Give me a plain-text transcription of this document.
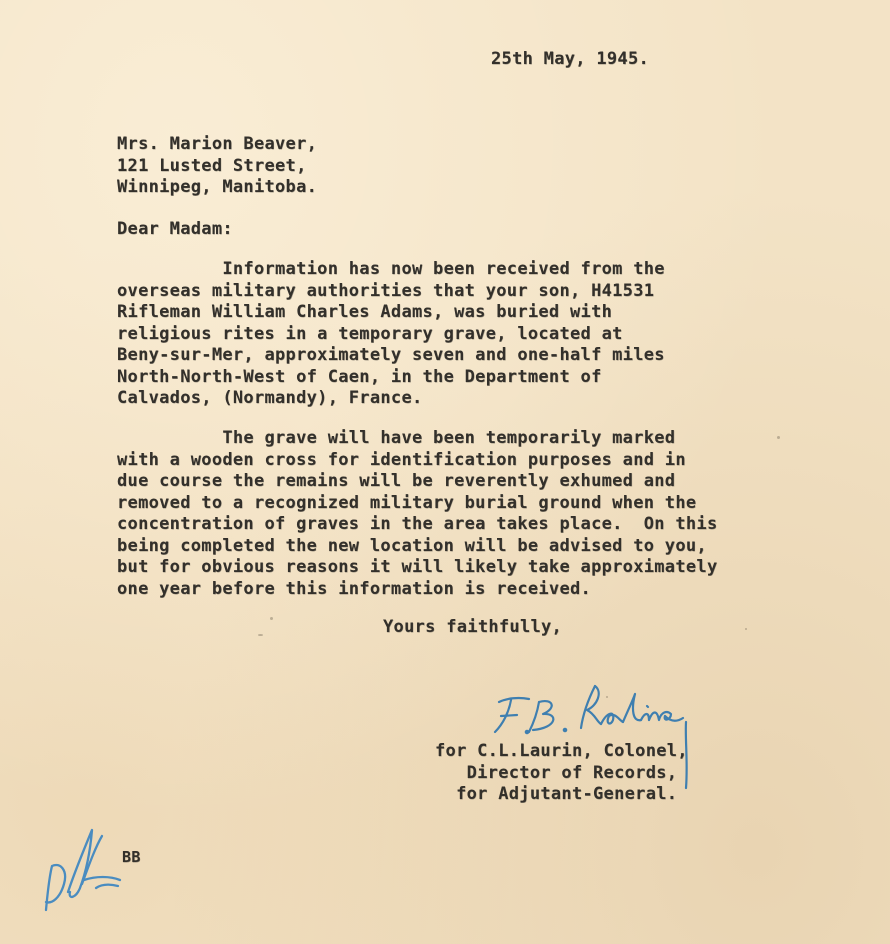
25th May, 1945.
Mrs. Marion Beaver,
121 Lusted Street,
Winnipeg, Manitoba.
Dear Madam:
Information has now been received from the
overseas military authorities that your son, H41531
Rifleman William Charles Adams, was buried with
religious rites in a temporary grave, located at
Beny-sur-Mer, approximately seven and one-half miles
North-North-West of Caen, in the Department of
Calvados, (Normandy), France.
The grave will have been temporarily marked
with a wooden cross for identification purposes and in
due course the remains will be reverently exhumed and
removed to a recognized military burial ground when the
concentration of graves in the area takes place.  On this
being completed the new location will be advised to you,
but for obvious reasons it will likely take approximately
one year before this information is received.
Yours faithfully,
for C.L.Laurin, Colonel,
Director of Records,
for Adjutant-General.
BB
